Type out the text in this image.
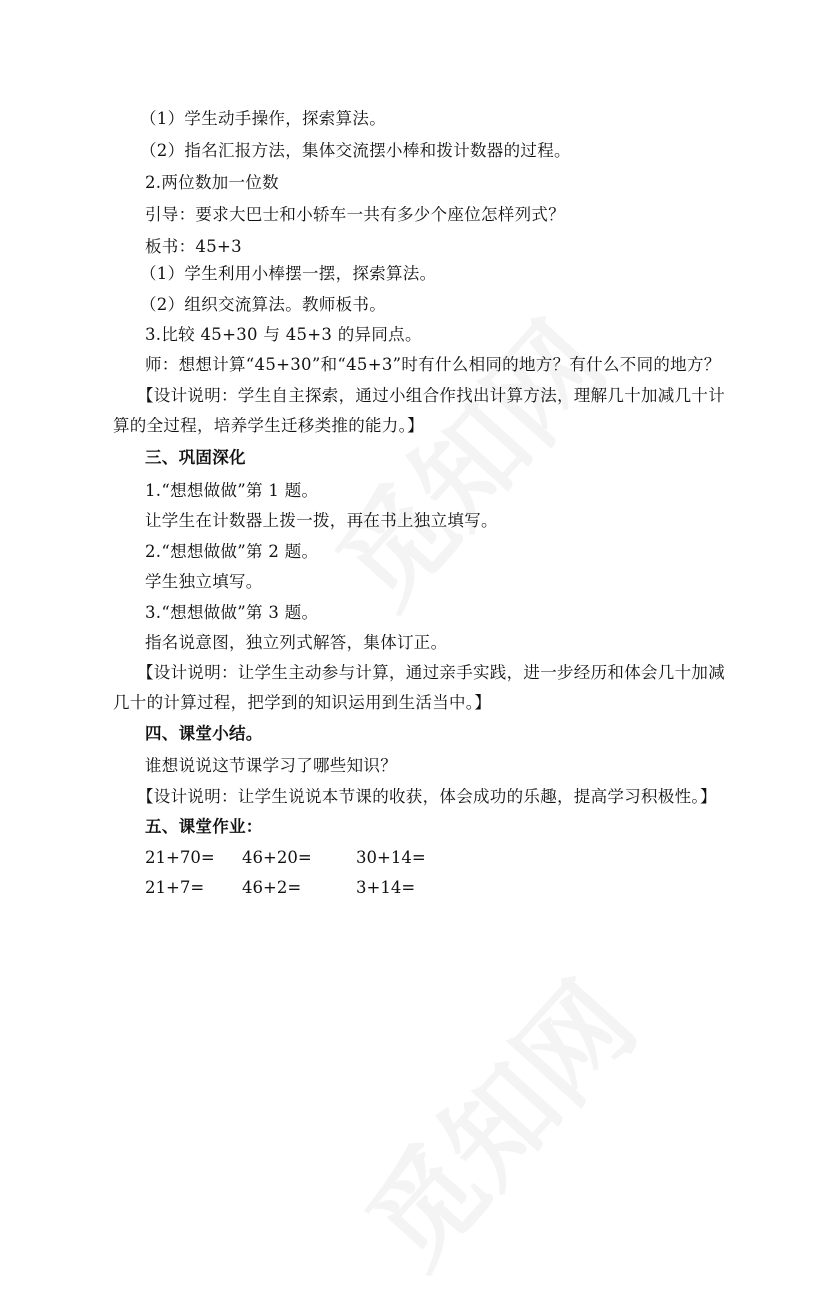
（1）学生动手操作，探索算法。
（2）指名汇报方法，集体交流摆小棒和拨计数器的过程。
2.两位数加一位数
引导：要求大巴士和小轿车一共有多少个座位怎样列式？
板书：45+3
（1）学生利用小棒摆一摆，探索算法。
（2）组织交流算法。教师板书。
3.比较 45+30 与 45+3 的异同点。
师：想想计算“45+30”和“45+3”时有什么相同的地方？有什么不同的地方？
【设计说明：学生自主探索，通过小组合作找出计算方法，理解几十加减几十计
算的全过程，培养学生迁移类推的能力。】
三、巩固深化
1.“想想做做”第 1 题。
让学生在计数器上拨一拨，再在书上独立填写。
2.“想想做做”第 2 题。
学生独立填写。
3.“想想做做”第 3 题。
指名说意图，独立列式解答，集体订正。
【设计说明：让学生主动参与计算，通过亲手实践，进一步经历和体会几十加减
几十的计算过程，把学到的知识运用到生活当中。】
四、课堂小结。
谁想说说这节课学习了哪些知识？
【设计说明：让学生说说本节课的收获，体会成功的乐趣，提高学习积极性。】
五、课堂作业：
21+70= 46+20=	30+14=
21+7= 46+2=	3+14=
